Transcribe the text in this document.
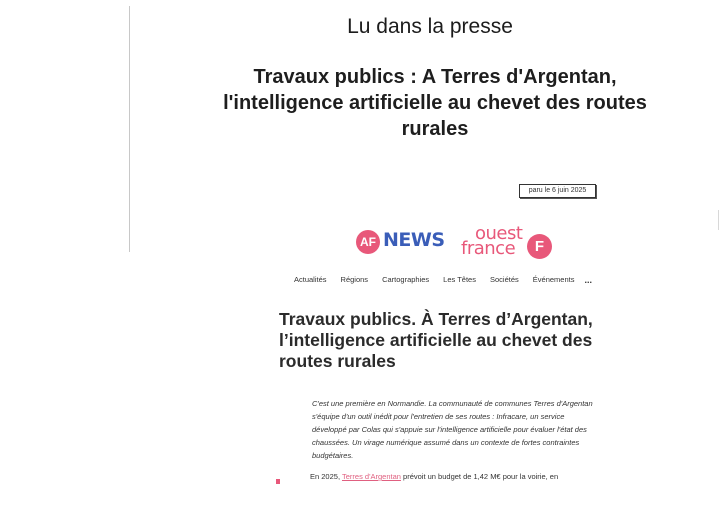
Lu dans la presse
Travaux publics : A Terres d'Argentan, l'intelligence artificielle au chevet des routes rurales
paru le 6 juin 2025
AF NEWS	ouest
france	F
Actualités Régions Cartographies Les Têtes Sociétés Événements ...
Travaux publics. À Terres d’Argentan, l’intelligence artificielle au chevet des routes rurales
C'est une première en Normandie. La communauté de communes Terres d'Argentan s'équipe d'un outil inédit pour l'entretien de ses routes : Infracare, un service développé par Colas qui s'appuie sur l'intelligence artificielle pour évaluer l'état des chaussées. Un virage numérique assumé dans un contexte de fortes contraintes budgétaires.
En 2025, Terres d'Argentan prévoit un budget de 1,42 M€ pour la voirie, en
